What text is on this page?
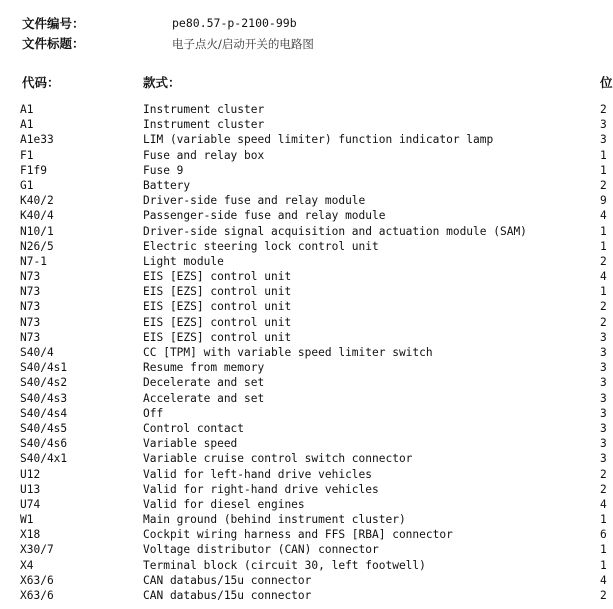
文件编号：	pe80.57-p-2100-99b
文件标题：	电子点火/启动开关的电路图
代码：	款式：	位
A1	Instrument cluster	2
A1	Instrument cluster	3
A1e33	LIM (variable speed limiter) function indicator lamp	3
F1	Fuse and relay box	1
F1f9	Fuse 9	1
G1	Battery	2
K40/2	Driver-side fuse and relay module	9
K40/4	Passenger-side fuse and relay module	4
N10/1	Driver-side signal acquisition and actuation module (SAM)	1
N26/5	Electric steering lock control unit	1
N7-1	Light module	2
N73	EIS [EZS] control unit	4
N73	EIS [EZS] control unit	1
N73	EIS [EZS] control unit	2
N73	EIS [EZS] control unit	2
N73	EIS [EZS] control unit	3
S40/4	CC [TPM] with variable speed limiter switch	3
S40/4s1	Resume from memory	3
S40/4s2	Decelerate and set	3
S40/4s3	Accelerate and set	3
S40/4s4	Off	3
S40/4s5	Control contact	3
S40/4s6	Variable speed	3
S40/4x1	Variable cruise control switch connector	3
U12	Valid for left-hand drive vehicles	2
U13	Valid for right-hand drive vehicles	2
U74	Valid for diesel engines	4
W1	Main ground (behind instrument cluster)	1
X18	Cockpit wiring harness and FFS [RBA] connector	6
X30/7	Voltage distributor (CAN) connector	1
X4	Terminal block (circuit 30, left footwell)	1
X63/6	CAN databus/15u connector	4
X63/6	CAN databus/15u connector	2
